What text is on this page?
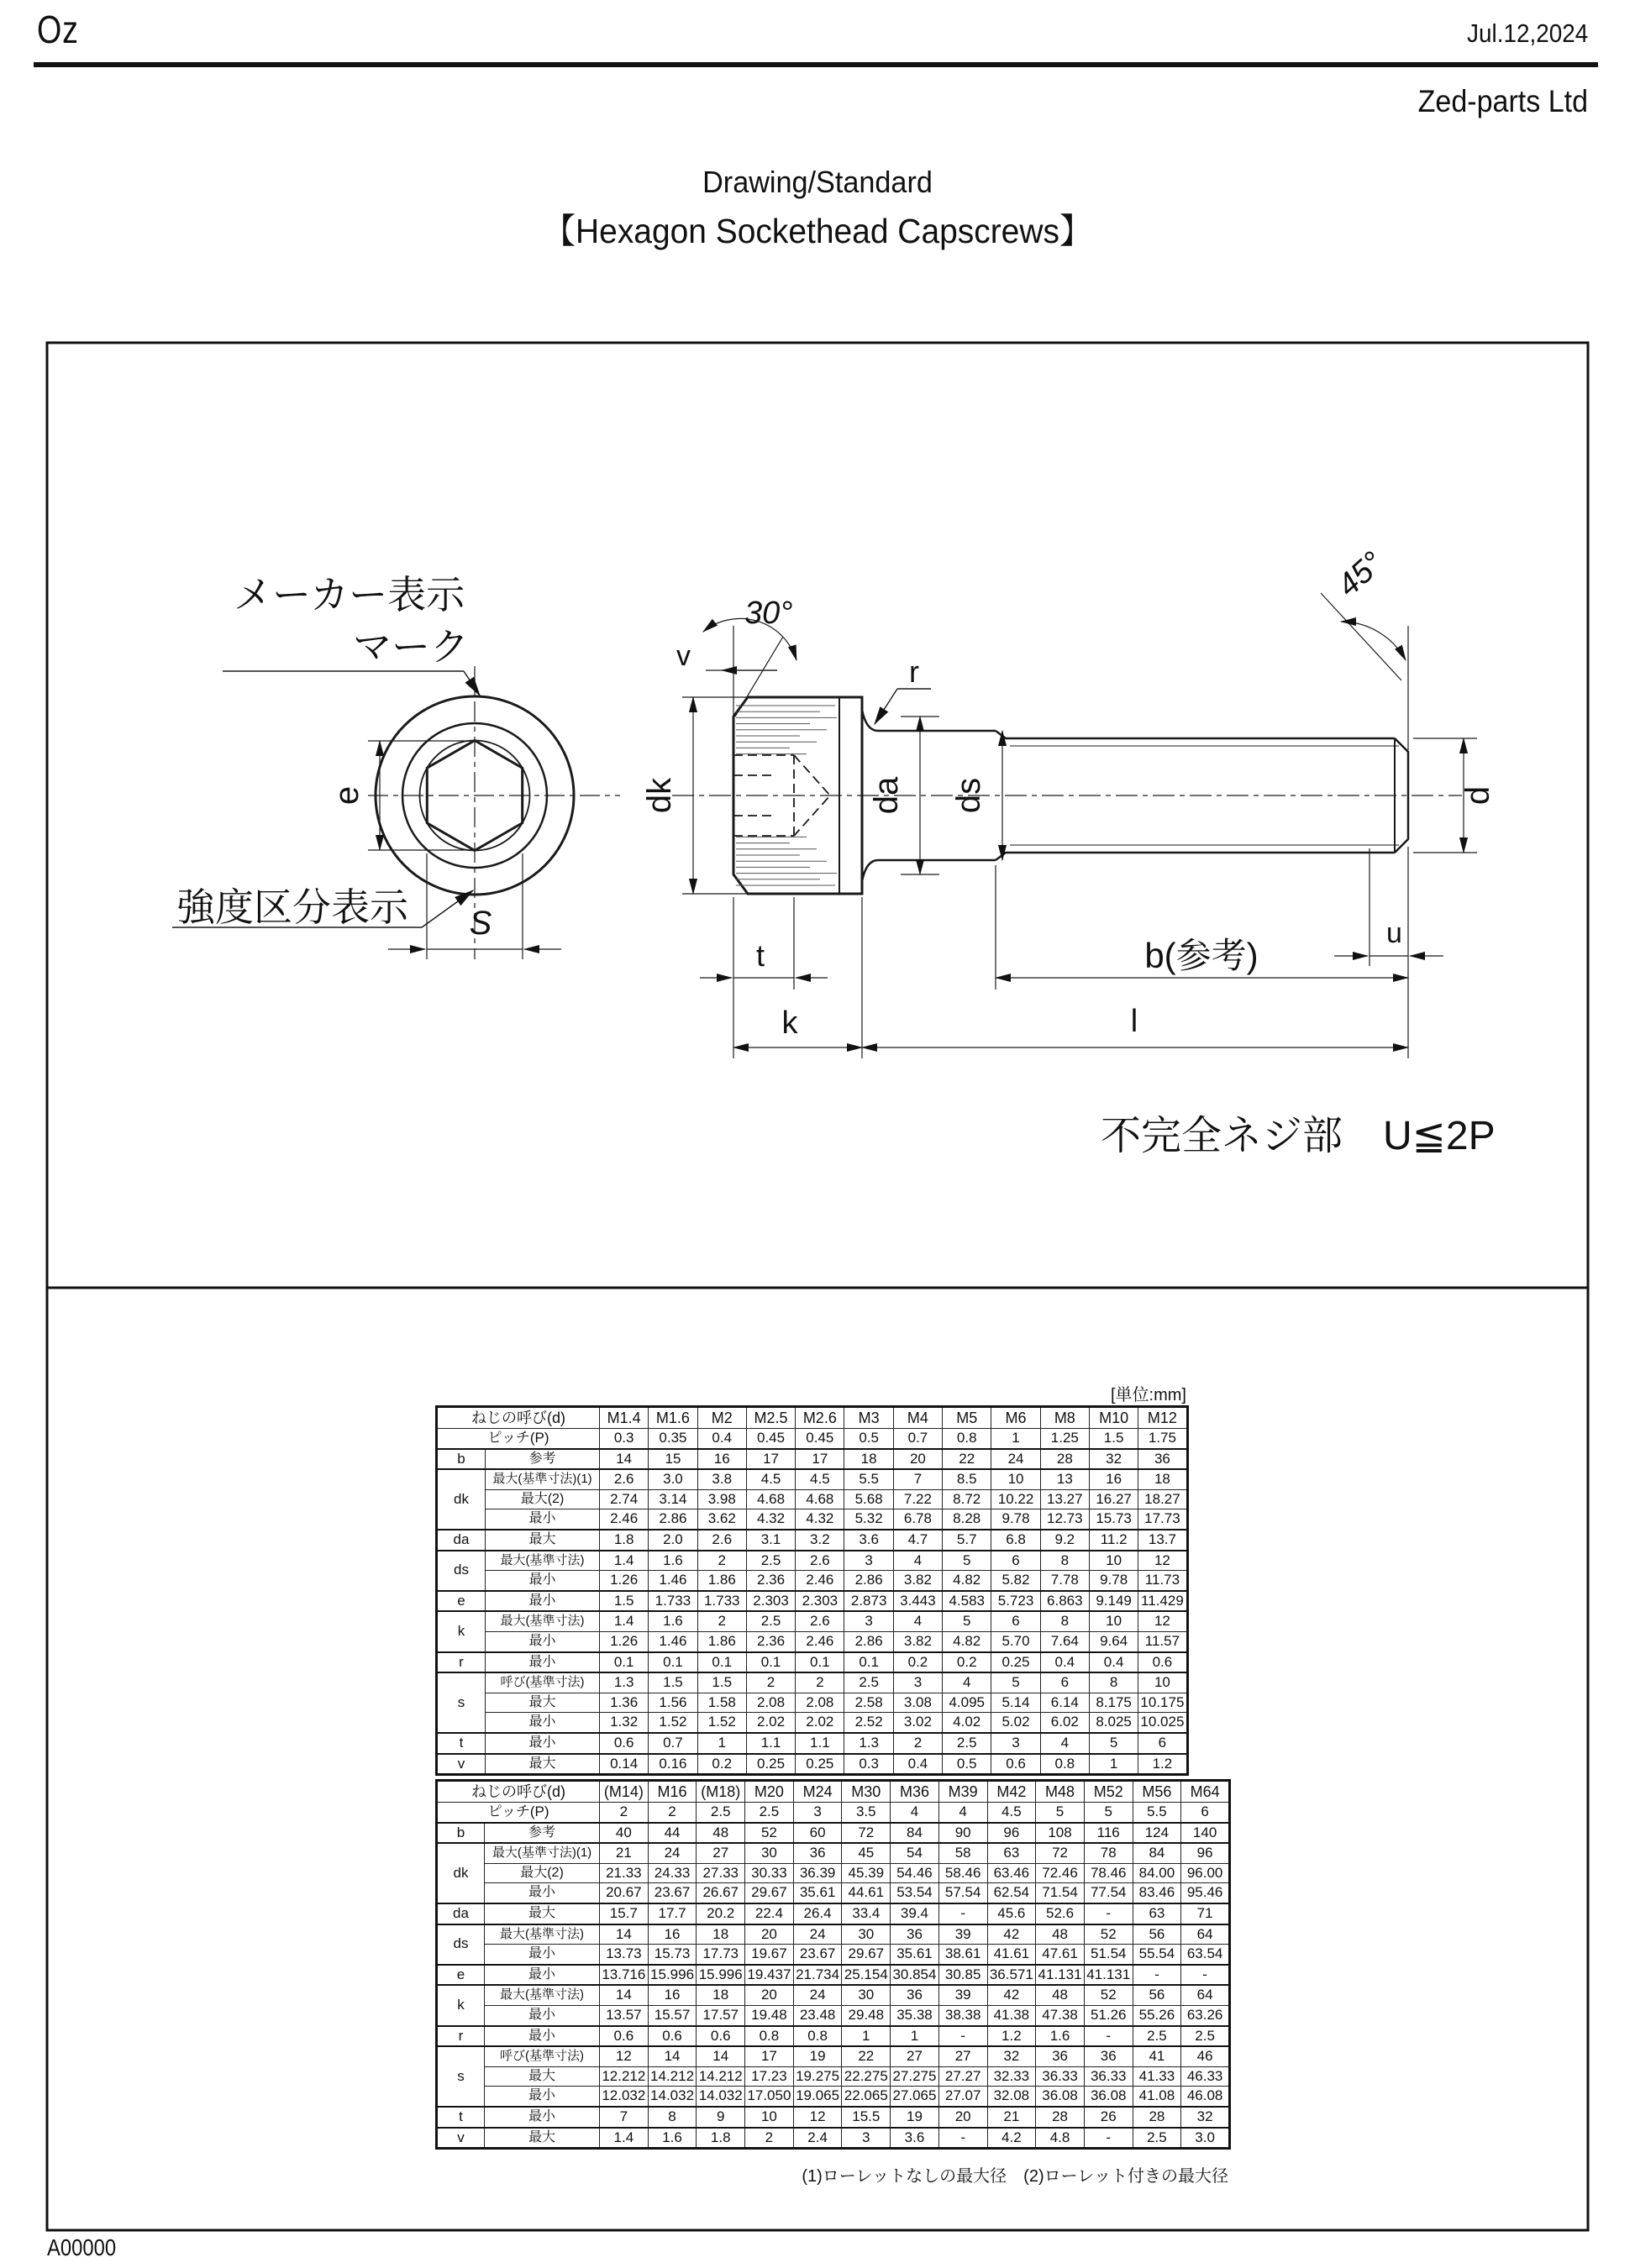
Oz	Jul.12,2024
Zed-parts Ltd
Drawing/Standard
【Hexagon Sockethead Capscrews】
メーカー表示
マーク
強度区分表示
不完全ネジ部　U≦2P
b(参考)
30°
45°
v	r
e
S
dk	da ds	d
u
t
k	l
[単位:mm]
ねじの呼び(d)		M1.4	M1.6	M2	M2.5	M2.6	M3	M4	M5	M6	M8	M10	M12
ピッチ(P)		0.3	0.35	0.4	0.45	0.45	0.5	0.7	0.8	1	1.25	1.5	1.75
b	参考	14	15	16	17	17	18	20	22	24	28	32	36
dk	最大(基準寸法)(1)	2.6	3.0	3.8	4.5	4.5	5.5	7	8.5	10	13	16	18
	最大(2)	2.74	3.14	3.98	4.68	4.68	5.68	7.22	8.72	10.22	13.27	16.27	18.27
	最小	2.46	2.86	3.62	4.32	4.32	5.32	6.78	8.28	9.78	12.73	15.73	17.73
da	最大	1.8	2.0	2.6	3.1	3.2	3.6	4.7	5.7	6.8	9.2	11.2	13.7
ds	最大(基準寸法)	1.4	1.6	2	2.5	2.6	3	4	5	6	8	10	12
	最小	1.26	1.46	1.86	2.36	2.46	2.86	3.82	4.82	5.82	7.78	9.78	11.73
e	最小	1.5	1.733	1.733	2.303	2.303	2.873	3.443	4.583	5.723	6.863	9.149	11.429
k	最大(基準寸法)	1.4	1.6	2	2.5	2.6	3	4	5	6	8	10	12
	最小	1.26	1.46	1.86	2.36	2.46	2.86	3.82	4.82	5.70	7.64	9.64	11.57
r	最小	0.1	0.1	0.1	0.1	0.1	0.1	0.2	0.2	0.25	0.4	0.4	0.6
s	呼び(基準寸法)	1.3	1.5	1.5	2	2	2.5	3	4	5	6	8	10
	最大	1.36	1.56	1.58	2.08	2.08	2.58	3.08	4.095	5.14	6.14	8.175	10.175
	最小	1.32	1.52	1.52	2.02	2.02	2.52	3.02	4.02	5.02	6.02	8.025	10.025
t	最小	0.6	0.7	1	1.1	1.1	1.3	2	2.5	3	4	5	6
v	最大	0.14	0.16	0.2	0.25	0.25	0.3	0.4	0.5	0.6	0.8	1	1.2
ねじの呼び(d)		(M14)	M16	(M18)	M20	M24	M30	M36	M39	M42	M48	M52	M56	M64
ピッチ(P)		2	2	2.5	2.5	3	3.5	4	4	4.5	5	5	5.5	6
b	参考	40	44	48	52	60	72	84	90	96	108	116	124	140
dk	最大(基準寸法)(1)	21	24	27	30	36	45	54	58	63	72	78	84	96
	最大(2)	21.33	24.33	27.33	30.33	36.39	45.39	54.46	58.46	63.46	72.46	78.46	84.00	96.00
	最小	20.67	23.67	26.67	29.67	35.61	44.61	53.54	57.54	62.54	71.54	77.54	83.46	95.46
da	最大	15.7	17.7	20.2	22.4	26.4	33.4	39.4	-	45.6	52.6	-	63	71
ds	最大(基準寸法)	14	16	18	20	24	30	36	39	42	48	52	56	64
	最小	13.73	15.73	17.73	19.67	23.67	29.67	35.61	38.61	41.61	47.61	51.54	55.54	63.54
e	最小	13.716	15.996	15.996	19.437	21.734	25.154	30.854	30.85	36.571	41.131	41.131	-	-
k	最大(基準寸法)	14	16	18	20	24	30	36	39	42	48	52	56	64
	最小	13.57	15.57	17.57	19.48	23.48	29.48	35.38	38.38	41.38	47.38	51.26	55.26	63.26
r	最小	0.6	0.6	0.6	0.8	0.8	1	1	-	1.2	1.6	-	2.5	2.5
s	呼び(基準寸法)	12	14	14	17	19	22	27	27	32	36	36	41	46
	最大	12.212	14.212	14.212	17.23	19.275	22.275	27.275	27.27	32.33	36.33	36.33	41.33	46.33
	最小	12.032	14.032	14.032	17.050	19.065	22.065	27.065	27.07	32.08	36.08	36.08	41.08	46.08
t	最小	7	8	9	10	12	15.5	19	20	21	28	26	28	32
v	最大	1.4	1.6	1.8	2	2.4	3	3.6	-	4.2	4.8	-	2.5	3.0
(1)ローレットなしの最大径　(2)ローレット付きの最大径
A00000
